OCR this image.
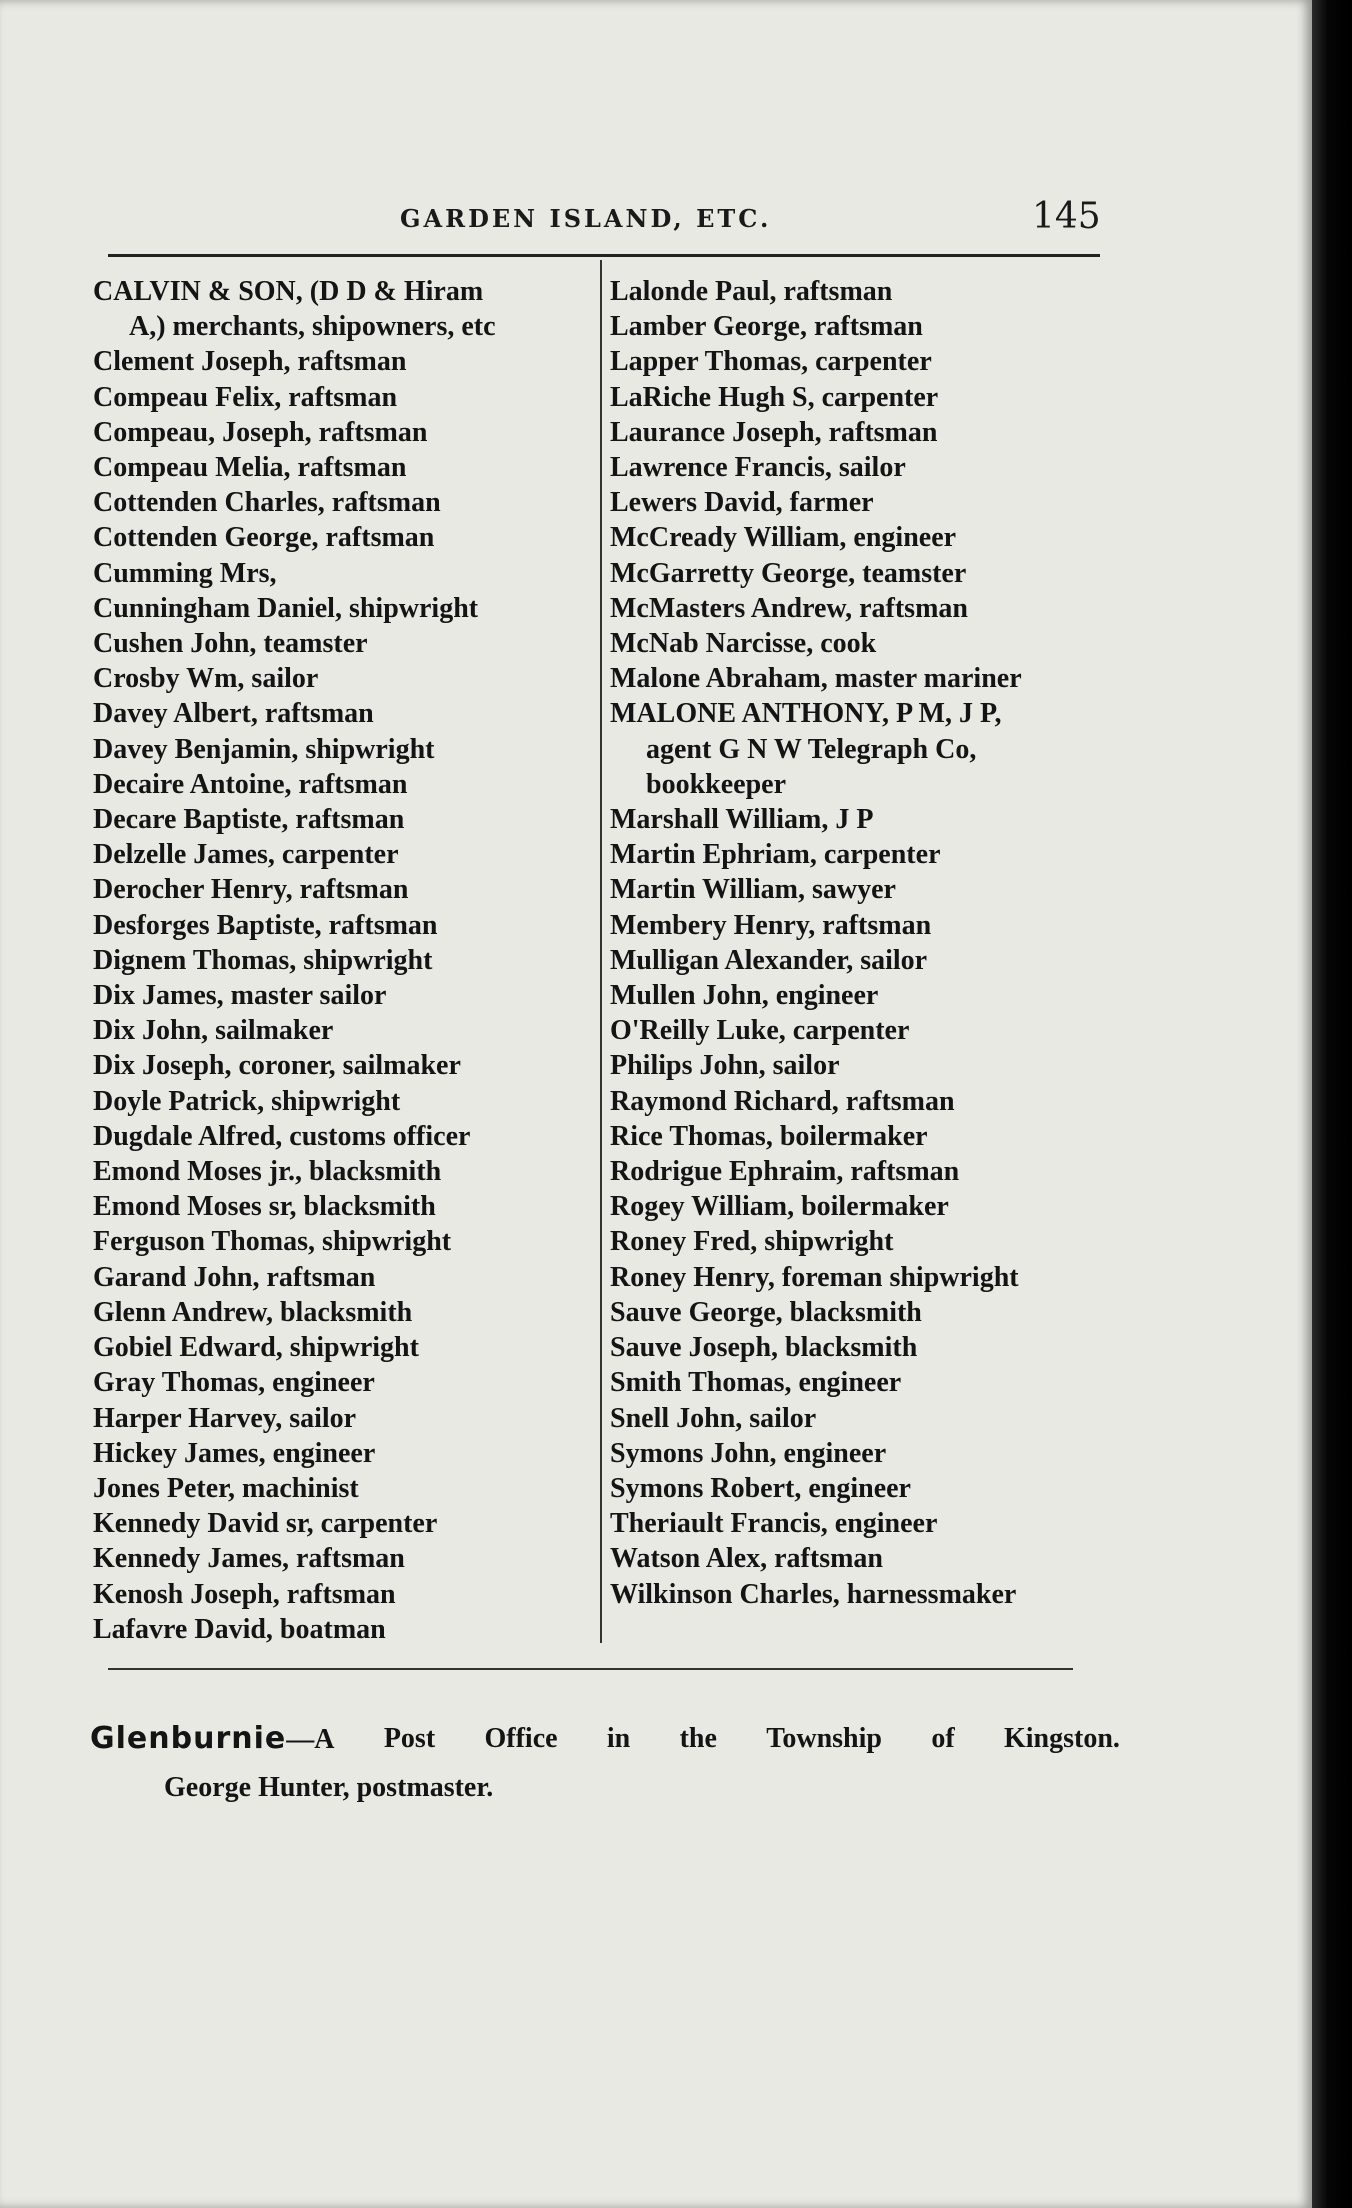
GARDEN ISLAND, ETC.	145
CALVIN & SON, (D D & Hiram
A,) merchants, shipowners, etc
Clement Joseph, raftsman
Compeau Felix, raftsman
Compeau, Joseph, raftsman
Compeau Melia, raftsman
Cottenden Charles, raftsman
Cottenden George, raftsman
Cumming Mrs,
Cunningham Daniel, shipwright
Cushen John, teamster
Crosby Wm, sailor
Davey Albert, raftsman
Davey Benjamin, shipwright
Decaire Antoine, raftsman
Decare Baptiste, raftsman
Delzelle James, carpenter
Derocher Henry, raftsman
Desforges Baptiste, raftsman
Dignem Thomas, shipwright
Dix James, master sailor
Dix John, sailmaker
Dix Joseph, coroner, sailmaker
Doyle Patrick, shipwright
Dugdale Alfred, customs officer
Emond Moses jr., blacksmith
Emond Moses sr, blacksmith
Ferguson Thomas, shipwright
Garand John, raftsman
Glenn Andrew, blacksmith
Gobiel Edward, shipwright
Gray Thomas, engineer
Harper Harvey, sailor
Hickey James, engineer
Jones Peter, machinist
Kennedy David sr, carpenter
Kennedy James, raftsman
Kenosh Joseph, raftsman
Lafavre David, boatman
Lalonde Paul, raftsman
Lamber George, raftsman
Lapper Thomas, carpenter
LaRiche Hugh S, carpenter
Laurance Joseph, raftsman
Lawrence Francis, sailor
Lewers David, farmer
McCready William, engineer
McGarretty George, teamster
McMasters Andrew, raftsman
McNab Narcisse, cook
Malone Abraham, master mariner
MALONE ANTHONY, P M, J P,
agent G N W Telegraph Co,
bookkeeper
Marshall William, J P
Martin Ephriam, carpenter
Martin William, sawyer
Membery Henry, raftsman
Mulligan Alexander, sailor
Mullen John, engineer
O'Reilly Luke, carpenter
Philips John, sailor
Raymond Richard, raftsman
Rice Thomas, boilermaker
Rodrigue Ephraim, raftsman
Rogey William, boilermaker
Roney Fred, shipwright
Roney Henry, foreman shipwright
Sauve George, blacksmith
Sauve Joseph, blacksmith
Smith Thomas, engineer
Snell John, sailor
Symons John, engineer
Symons Robert, engineer
Theriault Francis, engineer
Watson Alex, raftsman
Wilkinson Charles, harnessmaker
Glenburnie—A Post Office in the Township of Kingston.
George Hunter, postmaster.
